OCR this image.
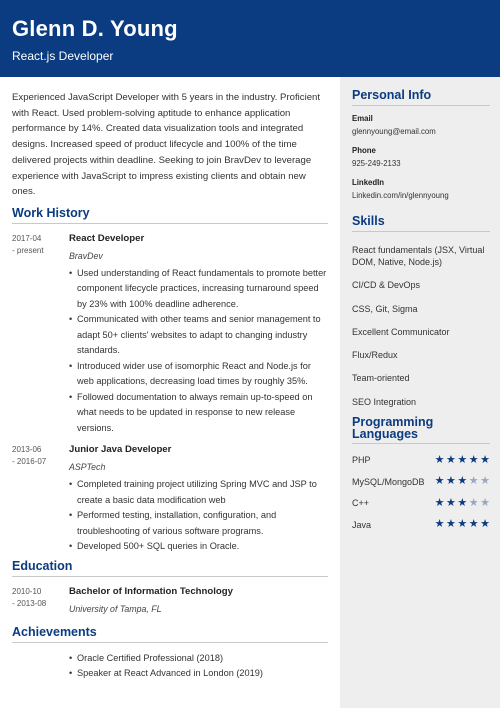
Glenn D. Young
React.js Developer

Experienced JavaScript Developer with 5 years in the industry. Proficient with React. Used problem-solving aptitude to enhance application performance by 14%. Created data visualization tools and integrated designs. Increased speed of product lifecycle and 100% of the time delivered projects within deadline. Seeking to join BravDev to leverage experience with JavaScript to impress existing clients and obtain new ones.

Work History
2017-04
- present
React Developer
BravDev
• Used understanding of React fundamentals to promote better component lifecycle practices, increasing turnaround speed by 23% with 100% deadline adherence.
• Communicated with other teams and senior management to adapt 50+ clients' websites to adapt to changing industry standards.
• Introduced wider use of isomorphic React and Node.js for web applications, decreasing load times by roughly 35%.
• Followed documentation to always remain up-to-speed on what needs to be updated in response to new release versions.
2013-06
- 2016-07
Junior Java Developer
ASPTech
• Completed training project utilizing Spring MVC and JSP to create a basic data modification web
• Performed testing, installation, configuration, and troubleshooting of various software programs.
• Developed 500+ SQL queries in Oracle.
Education
2010-10
- 2013-08
Bachelor of Information Technology
University of Tampa, FL
Achievements
• Oracle Certified Professional (2018)
• Speaker at React Advanced in London (2019)
Personal Info
Email
glennyoung@email.com
Phone
925-249-2133
LinkedIn
Linkedin.com/in/glennyoung
Skills
React fundamentals (JSX, Virtual DOM, Native, Node.js)
CI/CD & DevOps
CSS, Git, Sigma
Excellent Communicator
Flux/Redux
Team-oriented
SEO Integration
Programming Languages
PHP	★ ★ ★ ★ ★
MySQL/MongoDB ★ ★ ★ ★ ★
C++	★ ★ ★ ★ ★
Java	★ ★ ★ ★ ★
